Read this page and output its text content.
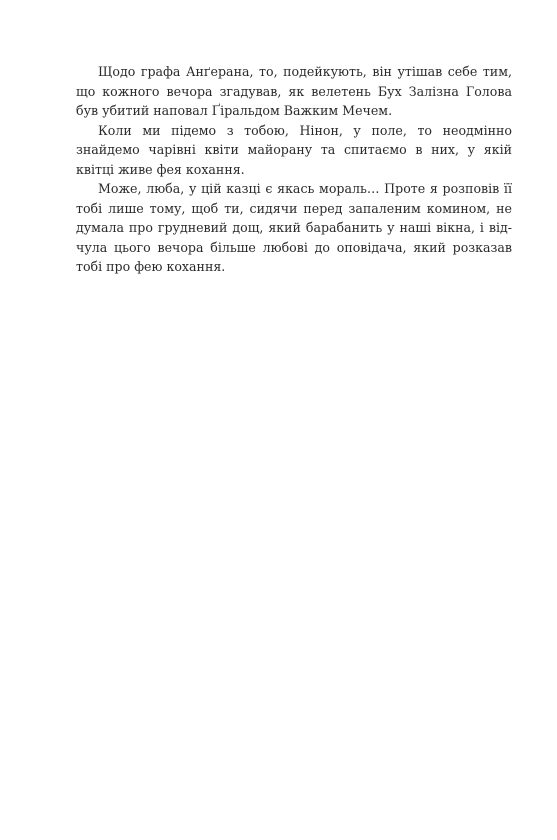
Щодо графа Анґерана, то, подейкують, він утішав себе тим, що кожного вечора згадував, як велетень Бух Залізна Голова був убитий наповал Ґіральдом Важким Мечем.

Коли ми підемо з тобою, Нінон, у поле, то неодмінно знайдемо чарівні квіти майорану та спитаємо в них, у якій квітці живе фея кохання.

Може, люба, у цій казці є якась мораль… Проте я розповів її тобі лише тому, щоб ти, сидячи перед запаленим комином, не думала про грудневий дощ, який барабанить у наші вікна, і відчула цього вечора більше любові до оповідача, який розказав тобі про фею кохання.
